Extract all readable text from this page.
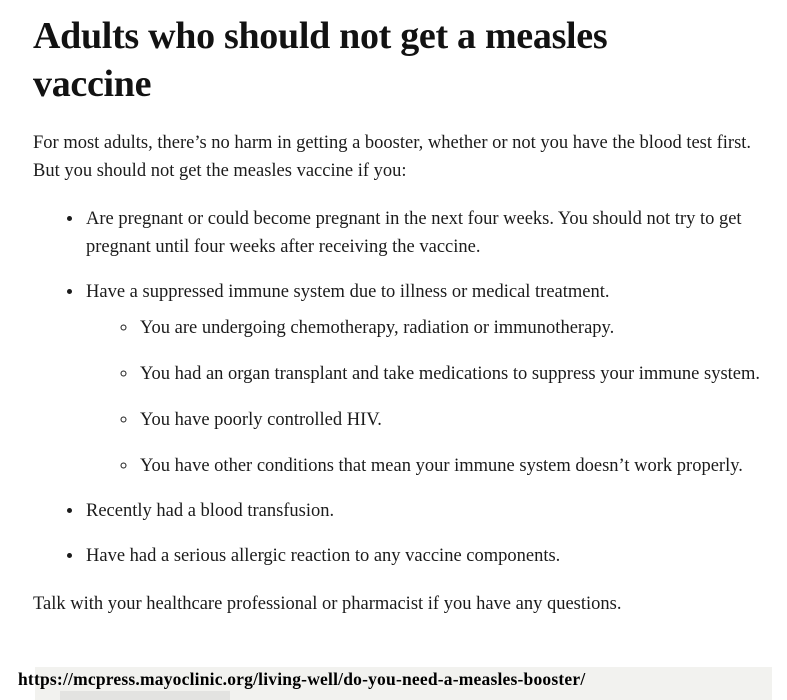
Adults who should not get a measles vaccine

For most adults, there’s no harm in getting a booster, whether or not you have the blood test first. But you should not get the measles vaccine if you:

• Are pregnant or could become pregnant in the next four weeks. You should not try to get pregnant until four weeks after receiving the vaccine.
• Have a suppressed immune system due to illness or medical treatment.
◦ You are undergoing chemotherapy, radiation or immunotherapy.
◦ You had an organ transplant and take medications to suppress your immune system.
◦ You have poorly controlled HIV.
◦ You have other conditions that mean your immune system doesn’t work properly.
• Recently had a blood transfusion.
• Have had a serious allergic reaction to any vaccine components.

Talk with your healthcare professional or pharmacist if you have any questions.

https://mcpress.mayoclinic.org/living-well/do-you-need-a-measles-booster/
